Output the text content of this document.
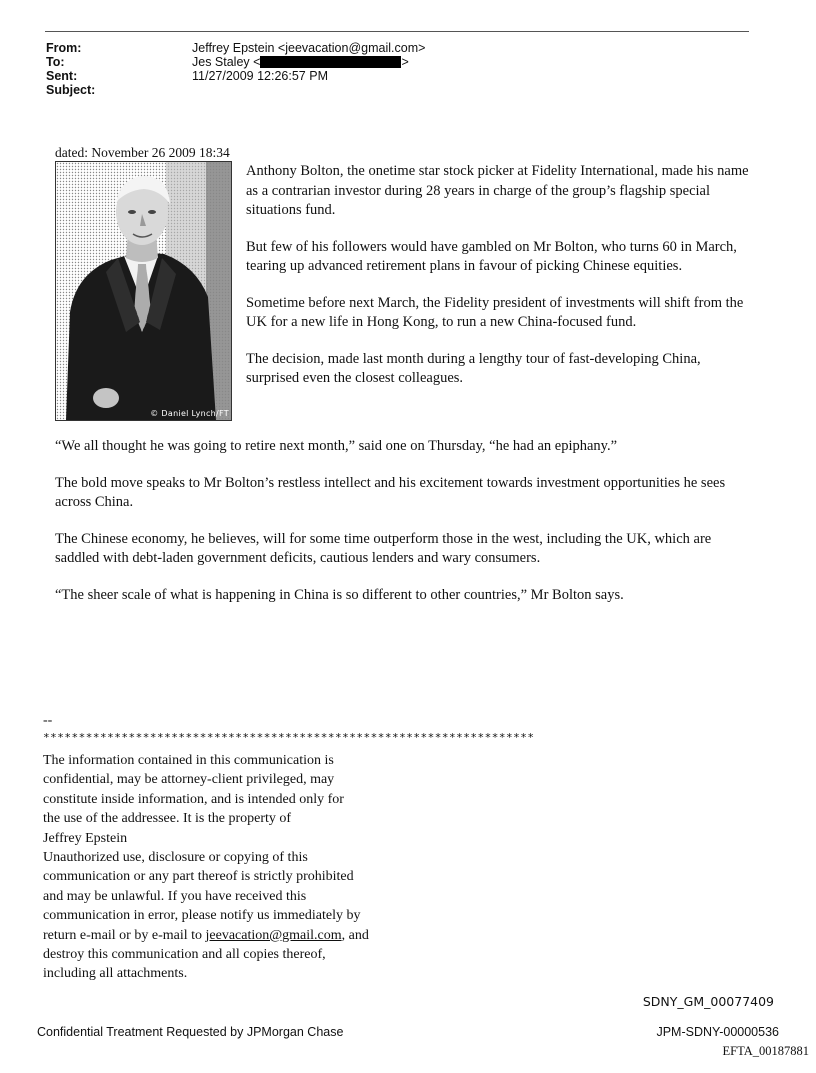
From:	Jeffrey Epstein <jeevacation@gmail.com>
To:	Jes Staley <	>
Sent:	11/27/2009 12:26:57 PM
Subject:
dated: November 26 2009 18:34
© Daniel Lynch/FT

Anthony Bolton, the onetime star stock picker at Fidelity International, made his name as a contrarian investor during 28 years in charge of the group’s flagship special situations fund.

But few of his followers would have gambled on Mr Bolton, who turns 60 in March, tearing up advanced retirement plans in favour of picking Chinese equities.

Sometime before next March, the Fidelity president of investments will shift from the UK for a new life in Hong Kong, to run a new China-focused fund.

The decision, made last month during a lengthy tour of fast-developing China, surprised even the closest colleagues.

“We all thought he was going to retire next month,” said one on Thursday, “he had an epiphany.”

The bold move speaks to Mr Bolton’s restless intellect and his excitement towards investment opportunities he sees across China.

The Chinese economy, he believes, will for some time outperform those in the west, including the UK, which are saddled with debt-laden government deficits, cautious lenders and wary consumers.

“The sheer scale of what is happening in China is so different to other countries,” Mr Bolton says.

--
*********************************************************************
The information contained in this communication is
confidential, may be attorney-client privileged, may
constitute inside information, and is intended only for
the use of the addressee. It is the property of
Jeffrey Epstein
Unauthorized use, disclosure or copying of this
communication or any part thereof is strictly prohibited
and may be unlawful. If you have received this
communication in error, please notify us immediately by
return e-mail or by e-mail to jeevacation@gmail.com, and
destroy this communication and all copies thereof,
including all attachments.
SDNY_GM_00077409
Confidential Treatment Requested by JPMorgan Chase	JPM-SDNY-00000536
EFTA_00187881
